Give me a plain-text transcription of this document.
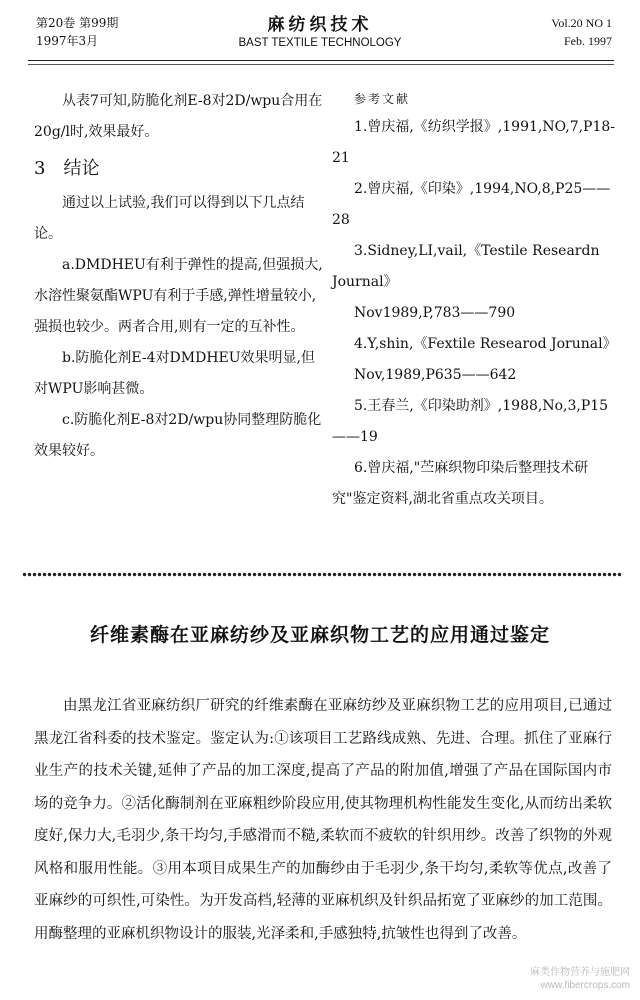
第20卷 第99期
1997年3月
麻纺织技术
BAST TEXTILE TECHNOLOGY
Vol.20 NO 1
Feb. 1997

从表7可知,防脆化剂E-8对2D/wpu合用在20g/l时,效果最好。

3 结论

通过以上试验,我们可以得到以下几点结论。

a.DMDHEU有利于弹性的提高,但强损大,水溶性聚氨酯WPU有利于手感,弹性增量较小,强损也较少。两者合用,则有一定的互补性。

b.防脆化剂E-4对DMDHEU效果明显,但对WPU影响甚微。

c.防脆化剂E-8对2D/wpu协同整理防脆化效果较好。

参考文献

1.曾庆福,《纺织学报》,1991,NO,7,P18-21

2.曾庆福,《印染》,1994,NO,8,P25——28

3.Sidney,LI,vail,《Testile Researdn Journal》

Nov1989,P,783——790

4.Y,shin,《Fextile Researod Jorunal》

Nov,1989,P635——642

5.王春兰,《印染助剂》,1988,No,3,P15——19

6.曾庆福,"苎麻织物印染后整理技术研究"鉴定资料,湖北省重点攻关项目。

纤维素酶在亚麻纺纱及亚麻织物工艺的应用通过鉴定

由黑龙江省亚麻纺织厂研究的纤维素酶在亚麻纺纱及亚麻织物工艺的应用项目,已通过黑龙江省科委的技术鉴定。鉴定认为:①该项目工艺路线成熟、先进、合理。抓住了亚麻行业生产的技术关键,延伸了产品的加工深度,提高了产品的附加值,增强了产品在国际国内市场的竞争力。②活化酶制剂在亚麻粗纱阶段应用,使其物理机构性能发生变化,从而纺出柔软度好,保力大,毛羽少,条干均匀,手感滑而不糙,柔软而不疲软的针织用纱。改善了织物的外观风格和服用性能。③用本项目成果生产的加酶纱由于毛羽少,条干均匀,柔软等优点,改善了亚麻纱的可织性,可染性。为开发高档,轻薄的亚麻机织及针织品拓宽了亚麻纱的加工范围。用酶整理的亚麻机织物设计的服装,光泽柔和,手感独特,抗皱性也得到了改善。

麻类作物营养与施肥网
www.fibercrops.com
